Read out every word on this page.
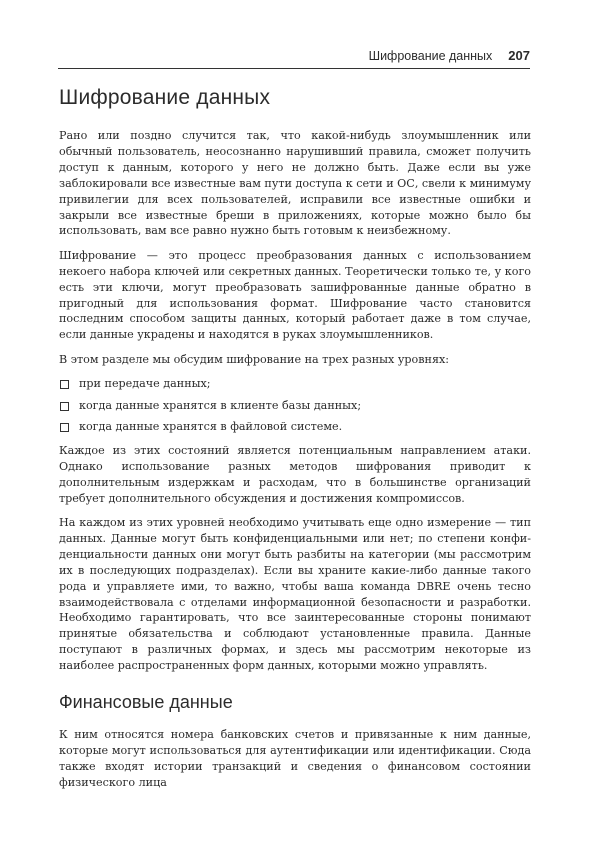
Шифрование данных 207
Шифрование данных

Рано или поздно случится так, что какой-нибудь злоумышленник или обычный пользователь, неосознанно нарушивший правила, сможет получить доступ к данным, которого у него не должно быть. Даже если вы уже заблокировали все известные вам пути доступа к сети и ОС, свели к минимуму привилегии для всех пользователей, исправили все известные ошибки и закрыли все известные бреши в приложениях, которые можно было бы использовать, вам все равно нужно быть готовым к неизбежному.

Шифрование — это процесс преобразования данных с использованием некоего набора ключей или секретных данных. Теоретически только те, у кого есть эти ключи, могут преобразовать зашифрованные данные обратно в пригодный для использования формат. Шифрование часто становится последним способом защиты данных, который работает даже в том случае, если данные украдены и находятся в руках злоумышленников.

В этом разделе мы обсудим шифрование на трех разных уровнях:

при передаче данных;
когда данные хранятся в клиенте базы данных;
когда данные хранятся в файловой системе.

Каждое из этих состояний является потенциальным направлением атаки. Однако использование разных методов шифрования приводит к дополнительным издержкам и расходам, что в большинстве организаций требует дополнительного обсуждения и достижения компромиссов.

На каждом из этих уровней необходимо учитывать еще одно измерение — тип данных. Данные могут быть конфиденциальными или нет; по степени конфиденциальности данных они могут быть разбиты на категории (мы рассмотрим их в последующих подразделах). Если вы храните какие-либо данные такого рода и управляете ими, то важно, чтобы ваша команда DBRE очень тесно взаимодействовала с отделами информационной безопасности и разработки. Необходимо гарантировать, что все заинтересованные стороны понимают принятые обязательства и соблюдают установленные правила. Данные поступают в различных формах, и здесь мы рассмотрим некоторые из наиболее распространенных форм данных, которыми можно управлять.

Финансовые данные

К ним относятся номера банковских счетов и привязанные к ним данные, которые могут использоваться для аутентификации или идентификации. Сюда также входят истории транзакций и сведения о финансовом состоянии физического лица
